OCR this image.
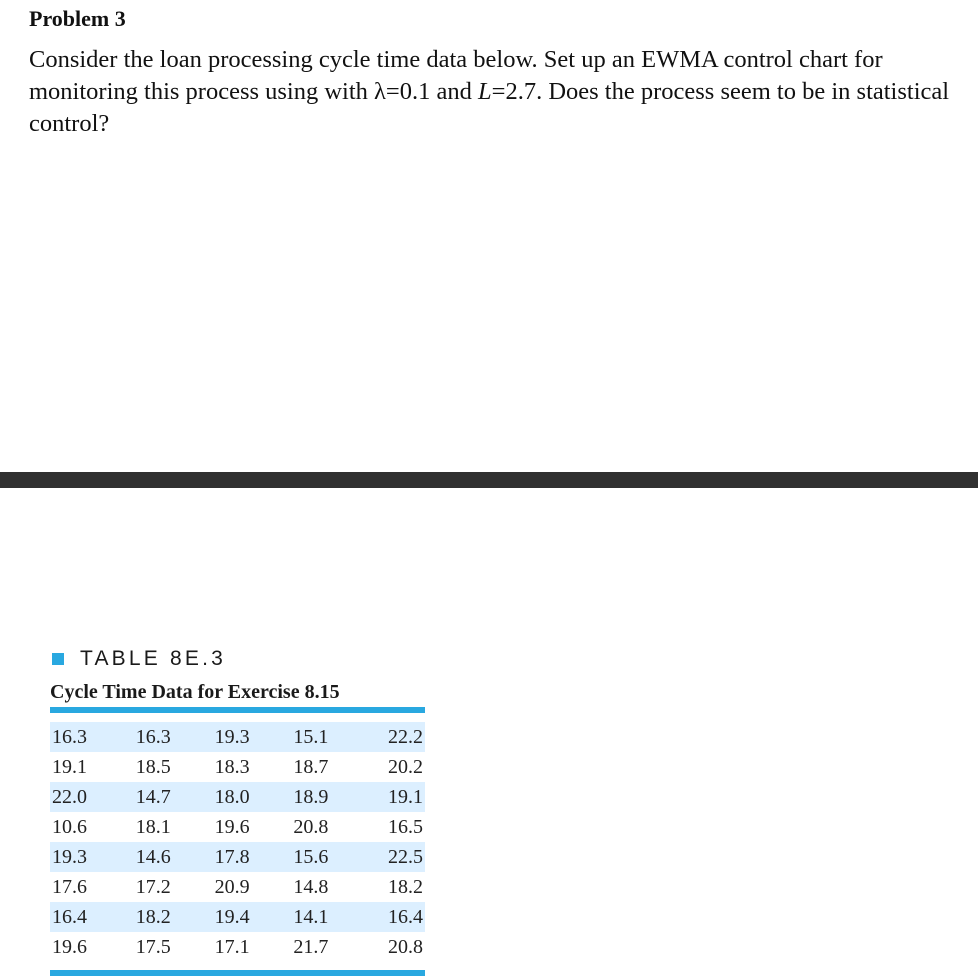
Problem 3

Consider the loan processing cycle time data below. Set up an EWMA control chart for monitoring this process using with λ=0.1 and L=2.7. Does the process seem to be in statistical control?

TABLE 8E.3
Cycle Time Data for Exercise 8.15
16.3	16.3	19.3	15.1	22.2
19.1	18.5	18.3	18.7	20.2
22.0	14.7	18.0	18.9	19.1
10.6	18.1	19.6	20.8	16.5
19.3	14.6	17.8	15.6	22.5
17.6	17.2	20.9	14.8	18.2
16.4	18.2	19.4	14.1	16.4
19.6	17.5	17.1	21.7	20.8
